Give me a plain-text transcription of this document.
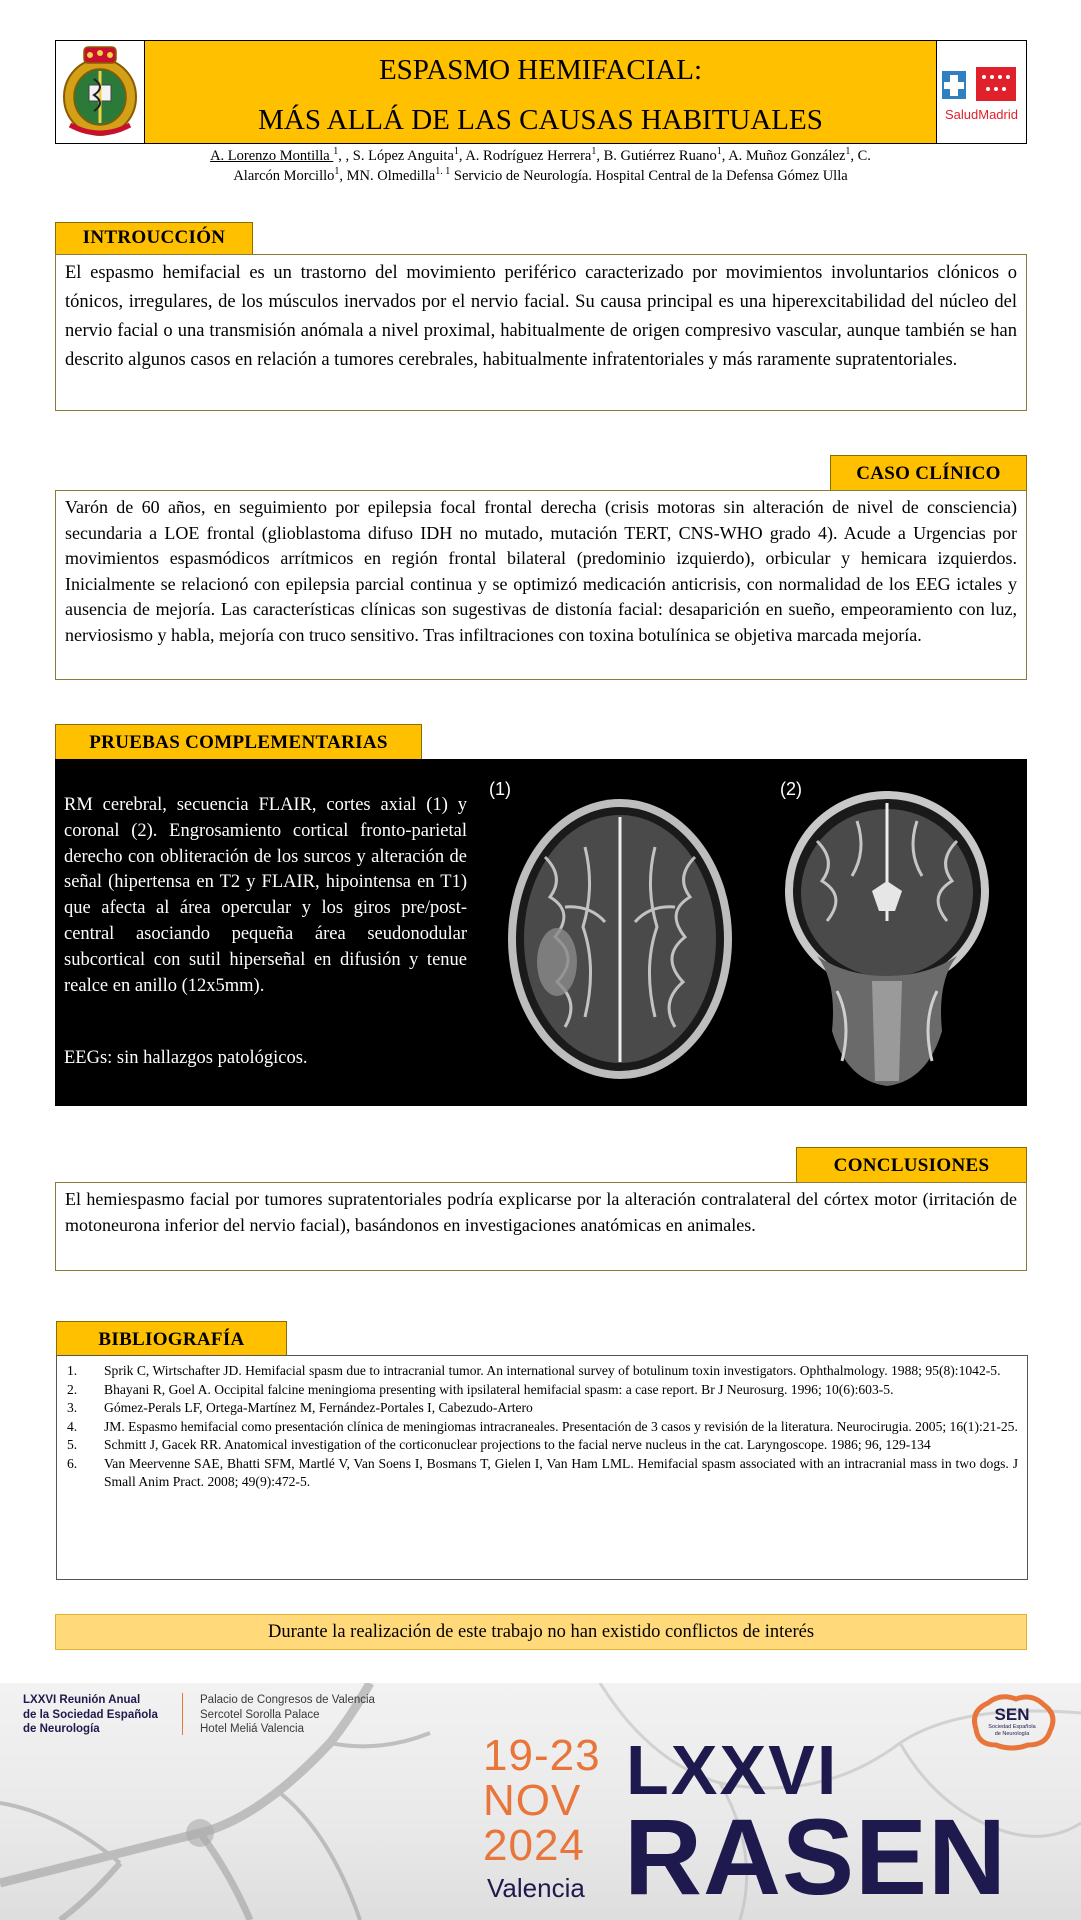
ESPASMO HEMIFACIAL:
MÁS ALLÁ DE LAS CAUSAS HABITUALES	SaludMadrid
A. Lorenzo Montilla $^1$, , S. López Anguita$^1$, A. Rodríguez Herrera$^1$, B. Gutiérrez Ruano$^1$, A. Muñoz González$^1$, C.
Alarcón Morcillo$^1$, MN. Olmedilla$^{1. 1}$ Servicio de Neurología. Hospital Central de la Defensa Gómez Ulla
INTROUCCIÓN
El espasmo hemifacial es un trastorno del movimiento periférico caracterizado por movimientos involuntarios clónicos o tónicos, irregulares, de los músculos inervados por el nervio facial. Su causa principal es una hiperexcitabilidad del núcleo del nervio facial o una transmisión anómala a nivel proximal, habitualmente de origen compresivo vascular, aunque también se han descrito algunos casos en relación a tumores cerebrales, habitualmente infratentoriales y más raramente supratentoriales.
CASO CLÍNICO
Varón de 60 años, en seguimiento por epilepsia focal frontal derecha (crisis motoras sin alteración de nivel de consciencia) secundaria a LOE frontal (glioblastoma difuso IDH no mutado, mutación TERT, CNS-WHO grado 4). Acude a Urgencias por movimientos espasmódicos arrítmicos en región frontal bilateral (predominio izquierdo), orbicular y hemicara izquierdos. Inicialmente se relacionó con epilepsia parcial continua y se optimizó medicación anticrisis, con normalidad de los EEG ictales y ausencia de mejoría. Las características clínicas son sugestivas de distonía facial: desaparición en sueño, empeoramiento con luz, nerviosismo y habla, mejoría con truco sensitivo. Tras infiltraciones con toxina botulínica se objetiva marcada mejoría.
PRUEBAS COMPLEMENTARIAS
RM cerebral, secuencia FLAIR, cortes axial (1) y coronal (2). Engrosamiento cortical fronto-parietal derecho con obliteración de los surcos y alteración de señal (hipertensa en T2 y FLAIR, hipointensa en T1) que afecta al área opercular y los giros pre/post-central asociando pequeña área seudonodular subcortical con sutil hiperseñal en difusión y tenue realce en anillo (12x5mm).
EEGs: sin hallazgos patológicos.
(1)	(2)
CONCLUSIONES
El hemiespasmo facial por tumores supratentoriales podría explicarse por la alteración contralateral del córtex motor (irritación de motoneurona inferior del nervio facial), basándonos en investigaciones anatómicas en animales.
BIBLIOGRAFÍA
1.	Sprik C, Wirtschafter JD. Hemifacial spasm due to intracranial tumor. An international survey of botulinum toxin investigators. Ophthalmology. 1988; 95(8):1042-5.
2.	Bhayani R, Goel A. Occipital falcine meningioma presenting with ipsilateral hemifacial spasm: a case report. Br J Neurosurg. 1996; 10(6):603-5.
3.	Gómez-Perals LF, Ortega-Martínez M, Fernández-Portales I, Cabezudo-Artero
4.	JM. Espasmo hemifacial como presentación clínica de meningiomas intracraneales. Presentación de 3 casos y revisión de la literatura. Neurocirugia. 2005; 16(1):21-25.
5.	Schmitt J, Gacek RR. Anatomical investigation of the corticonuclear projections to the facial nerve nucleus in the cat. Laryngoscope. 1986; 96, 129-134
6.	Van Meervenne SAE, Bhatti SFM, Martlé V, Van Soens I, Bosmans T, Gielen I, Van Ham LML. Hemifacial spasm associated with an intracranial mass in two dogs. J Small Anim Pract. 2008; 49(9):472-5.
Durante la realización de este trabajo no han existido conflictos de interés
LXXVI Reunión Anual
de la Sociedad Española
de Neurología
Palacio de Congresos de Valencia
Sercotel Sorolla Palace
Hotel Meliá Valencia
19-23
NOV
2024
Valencia
LXXVI
RASEN
SEN
Sociedad Española
de Neurología
